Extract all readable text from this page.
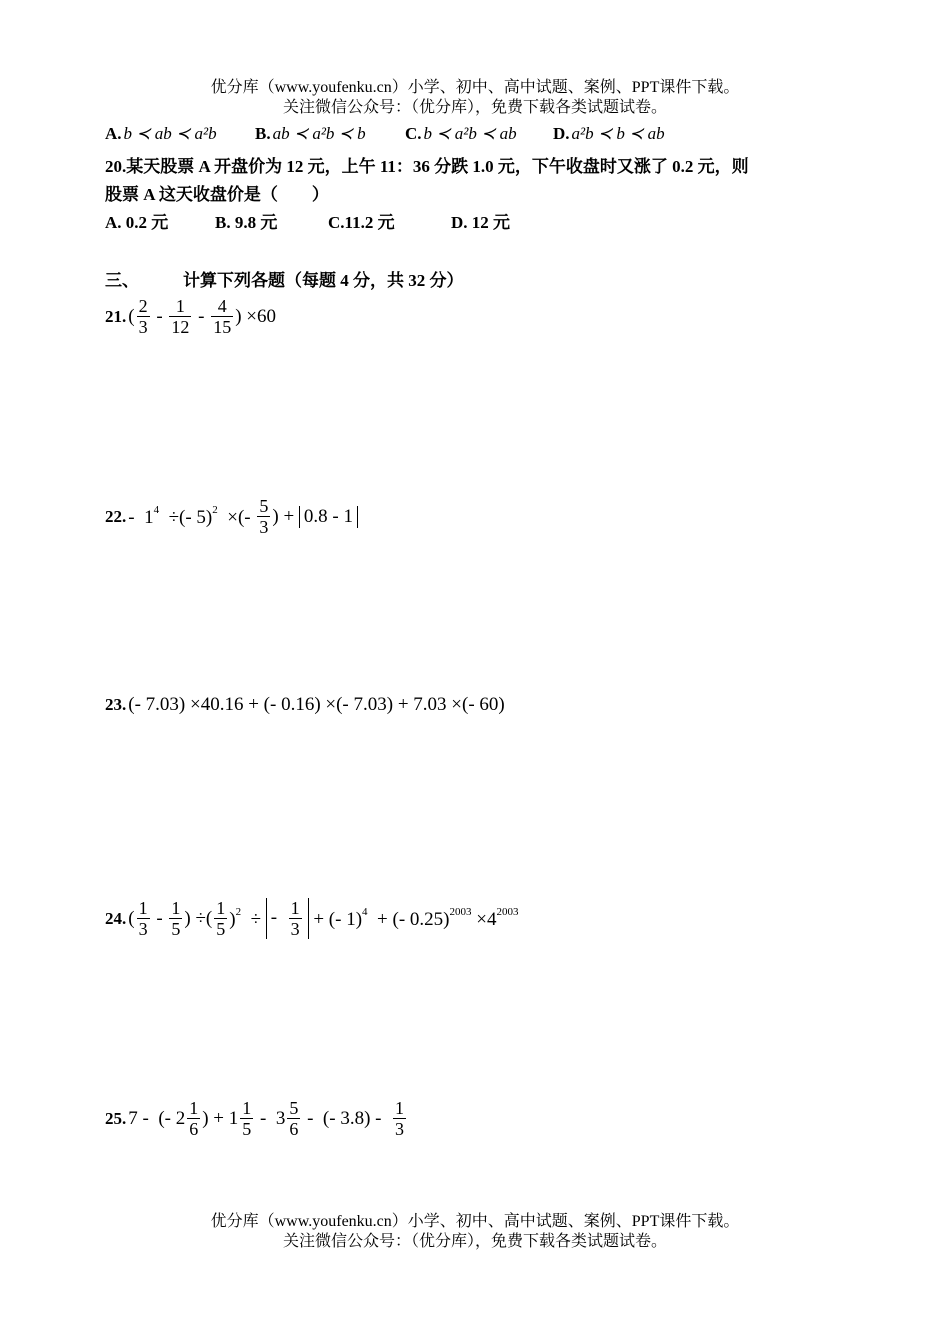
优分库（www.youfenku.cn）小学、初中、高中试题、案例、PPT课件下载。
关注微信公众号：（优分库），免费下载各类试题试卷。
A. b ≺ ab ≺ a²b	B. ab ≺ a²b ≺ b	C. b ≺ a²b ≺ ab	D. a²b ≺ b ≺ ab
20.某天股票 A 开盘价为 12 元，上午 11：36 分跌 1.0 元，下午收盘时又涨了 0.2 元，则
股票 A 这天收盘价是（　　）
A. 0.2 元	B. 9.8 元	C.11.2 元	D. 12 元
三、	计算下列各题（每题 4 分，共 32 分）
21. ( $\frac{2}{3} - \frac{1}{12} - \frac{4}{15}$ ) ×60
22. -  $1^4$  ÷(- 5)$^2$  ×(- $\frac{5}{3}$ ) + 0.8 - 1
23. (- 7.03) ×40.16 + (- 0.16) ×(- 7.03) + 7.03 ×(- 60)
24. ( $\frac{1}{3} - \frac{1}{5}$ ) ÷( $\frac{1}{5} )^2$  ÷ - $\frac{1}{3}$ + (- 1)$^4$  + (- $0.25)^{2003} \times 4^{2003}$
25. 7 -  (- $2 \frac{1}{6}$ ) + $1 \frac{1}{5} - 3 \frac{5}{6}$ -  (- $3.8) - \frac{1}{3}$
优分库（www.youfenku.cn）小学、初中、高中试题、案例、PPT课件下载。
关注微信公众号：（优分库），免费下载各类试题试卷。
